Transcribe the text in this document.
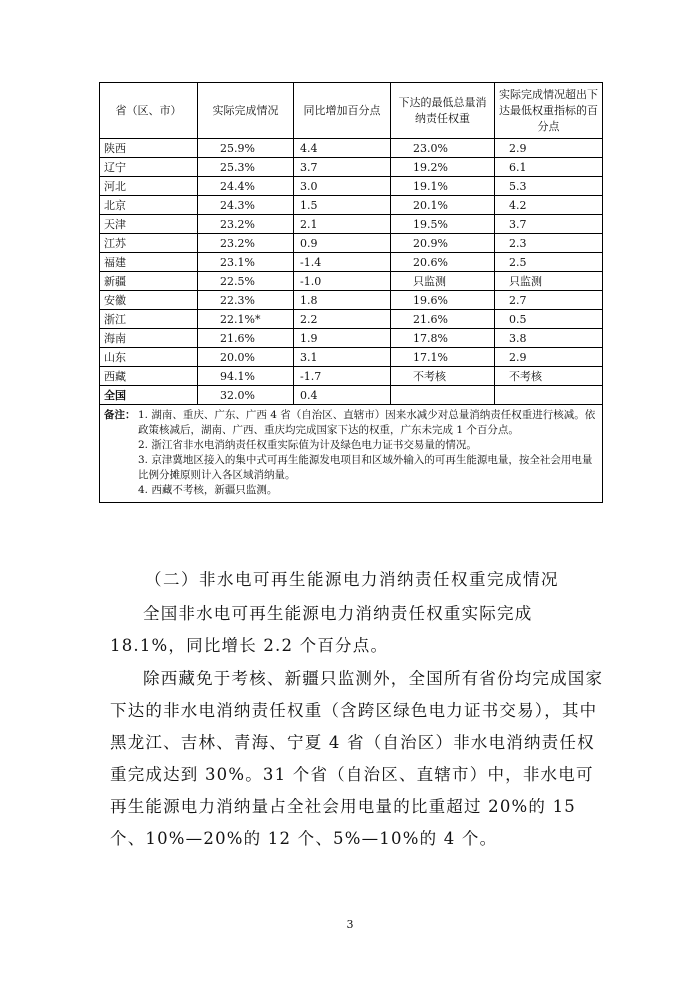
省（区、市）	实际完成情况	同比增加百分点	下达的最低总量消纳责任权重	实际完成情况超出下达最低权重指标的百分点
陕西	25.9%	4.4	23.0%	2.9
辽宁	25.3%	3.7	19.2%	6.1
河北	24.4%	3.0	19.1%	5.3
北京	24.3%	1.5	20.1%	4.2
天津	23.2%	2.1	19.5%	3.7
江苏	23.2%	0.9	20.9%	2.3
福建	23.1%	-1.4	20.6%	2.5
新疆	22.5%	-1.0	只监测	只监测
安徽	22.3%	1.8	19.6%	2.7
浙江	22.1%*	2.2	21.6%	0.5
海南	21.6%	1.9	17.8%	3.8
山东	20.0%	3.1	17.1%	2.9
西藏	94.1%	-1.7	不考核	不考核
全国	32.0%	0.4		

备注： 1. 湖南、重庆、广东、广西 4 省（自治区、直辖市）因来水减少对总量消纳责任权重进行核减。依政策核减后，湖南、广西、重庆均完成国家下达的权重，广东未完成 1 个百分点。
2. 浙江省非水电消纳责任权重实际值为计及绿色电力证书交易量的情况。
3. 京津冀地区接入的集中式可再生能源发电项目和区域外输入的可再生能源电量，按全社会用电量比例分摊原则计入各区域消纳量。
4. 西藏不考核，新疆只监测。				
（二）非水电可再生能源电力消纳责任权重完成情况
全国非水电可再生能源电力消纳责任权重实际完成 18.1%，同比增长 2.2 个百分点。
除西藏免于考核、新疆只监测外，全国所有省份均完成国家下达的非水电消纳责任权重（含跨区绿色电力证书交易），其中黑龙江、吉林、青海、宁夏 4 省（自治区）非水电消纳责任权重完成达到 30%。31 个省（自治区、直辖市）中，非水电可再生能源电力消纳量占全社会用电量的比重超过 20%的 15 个、10%—20%的 12 个、5%—10%的 4 个。
3
